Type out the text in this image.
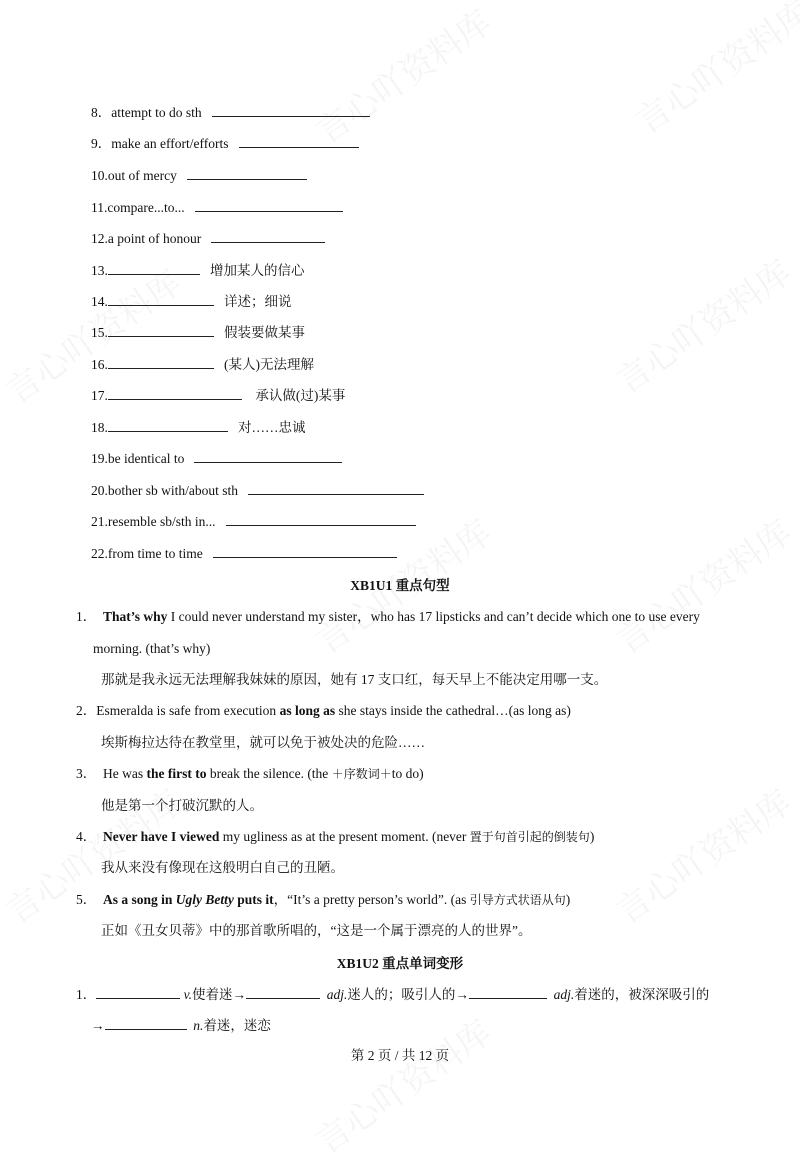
8．attempt to do sth
9．make an effort/efforts
10.out of mercy
11.compare...to...
12.a point of honour
13.	增加某人的信心
14.	详述；细说
15.	假装要做某事
16.	(某人)无法理解
17.	承认做(过)某事
18.	对……忠诚
19.be identical to
20.bother sb with/about sth
21.resemble sb/sth in...
22.from time to time
XB1U1 重点句型
1． That’s why I could never understand my sister，who has 17 lipsticks and can’t decide which one to use every
morning. (that’s why)
那就是我永远无法理解我妹妹的原因，她有 17 支口红，每天早上不能决定用哪一支。
2．Esmeralda is safe from execution as long as she stays inside the cathedral…(as long as)
埃斯梅拉达待在教堂里，就可以免于被处决的危险……
3． He was the first to break the silence. (the ＋序数词＋to do)
他是第一个打破沉默的人。
4． Never have I viewed my ugliness as at the present moment. (never 置于句首引起的倒装句)
我从来没有像现在这般明白自己的丑陋。
5． As a song in Ugly Betty puts it，“It’s a pretty person’s world”. (as 引导方式状语从句)
正如《丑女贝蒂》中的那首歌所唱的，“这是一个属于漂亮的人的世界”。
XB1U2 重点单词变形
1．	v.使着迷→	adj.迷人的；吸引人的→	adj.着迷的，被深深吸引的
→	n.着迷，迷恋
第 2 页 / 共 12 页
